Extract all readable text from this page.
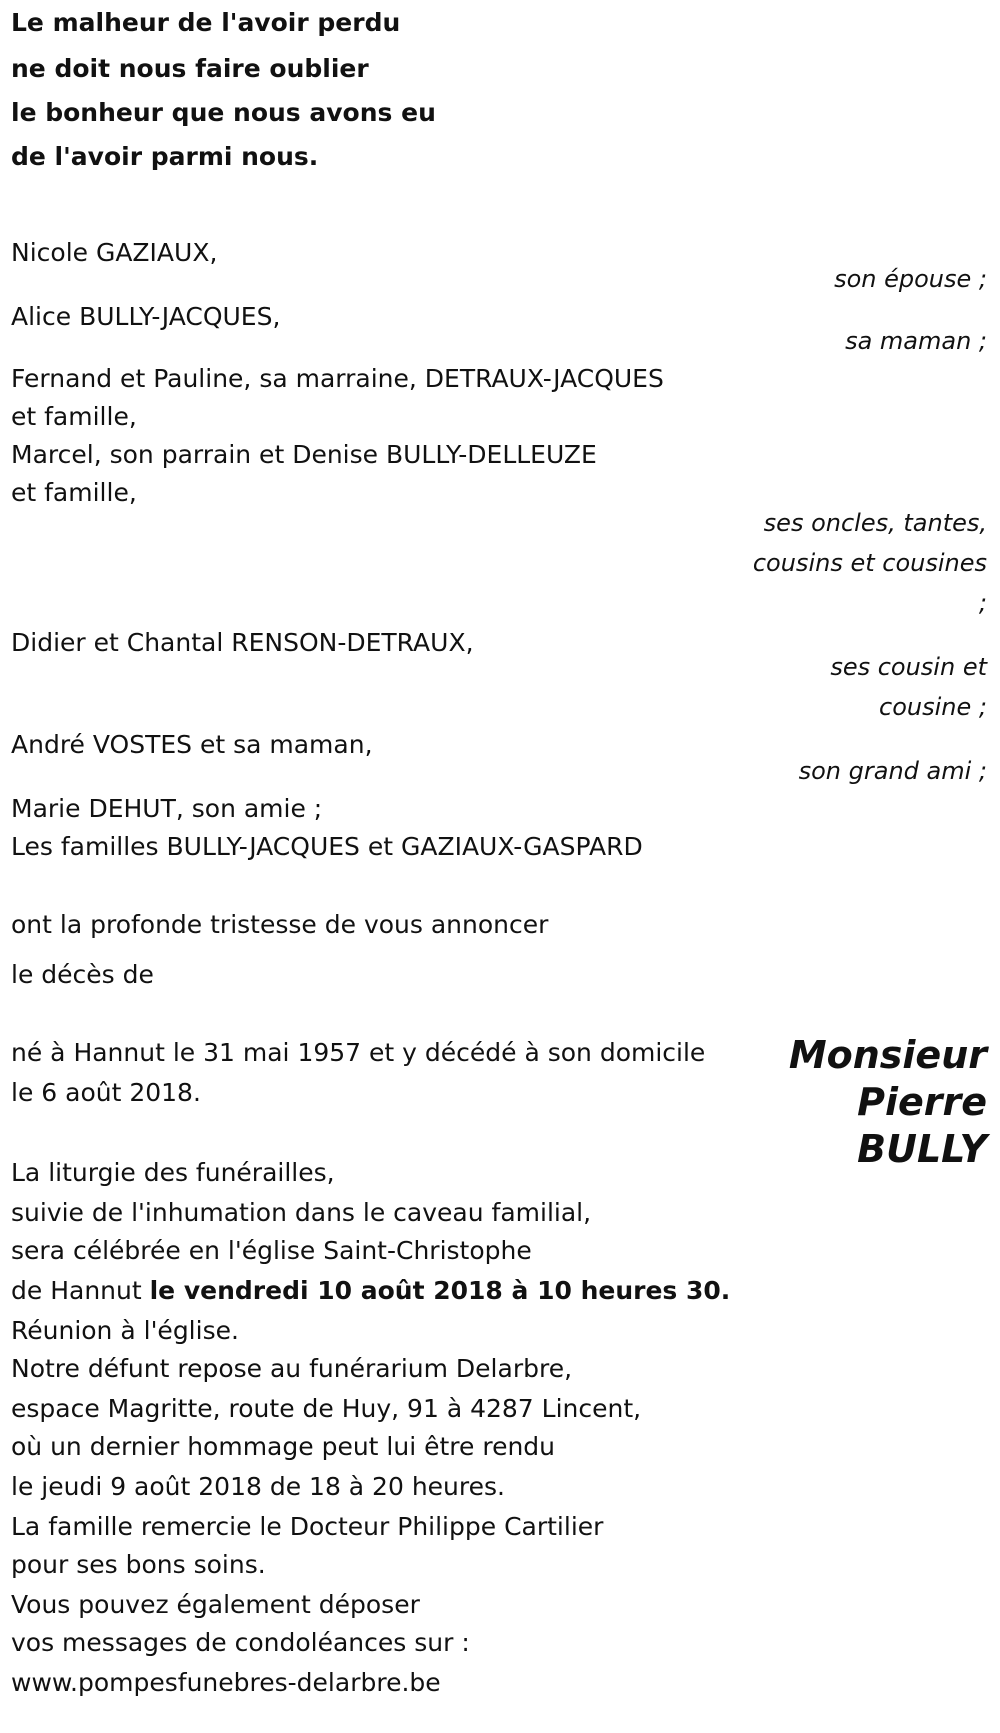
Le malheur de l'avoir perdu
ne doit nous faire oublier
le bonheur que nous avons eu
de l'avoir parmi nous.
Nicole GAZIAUX,
son épouse ;
Alice BULLY-JACQUES,
sa maman ;
Fernand et Pauline, sa marraine, DETRAUX-JACQUES
et famille,
Marcel, son parrain et Denise BULLY-DELLEUZE
et famille,
ses oncles, tantes,
cousins et cousines
;
Didier et Chantal RENSON-DETRAUX,
ses cousin et
cousine ;
André VOSTES et sa maman,
son grand ami ;
Marie DEHUT, son amie ;
Les familles BULLY-JACQUES et GAZIAUX-GASPARD
ont la profonde tristesse de vous annoncer
le décès de
Monsieur
Pierre
BULLY
né à Hannut le 31 mai 1957 et y décédé à son domicile
le 6 août 2018.
La liturgie des funérailles,
suivie de l'inhumation dans le caveau familial,
sera célébrée en l'église Saint-Christophe
de Hannut le vendredi 10 août 2018 à 10 heures 30.
Réunion à l'église.
Notre défunt repose au funérarium Delarbre,
espace Magritte, route de Huy, 91 à 4287 Lincent,
où un dernier hommage peut lui être rendu
le jeudi 9 août 2018 de 18 à 20 heures.
La famille remercie le Docteur Philippe Cartilier
pour ses bons soins.
Vous pouvez également déposer
vos messages de condoléances sur :
www.pompesfunebres-delarbre.be
